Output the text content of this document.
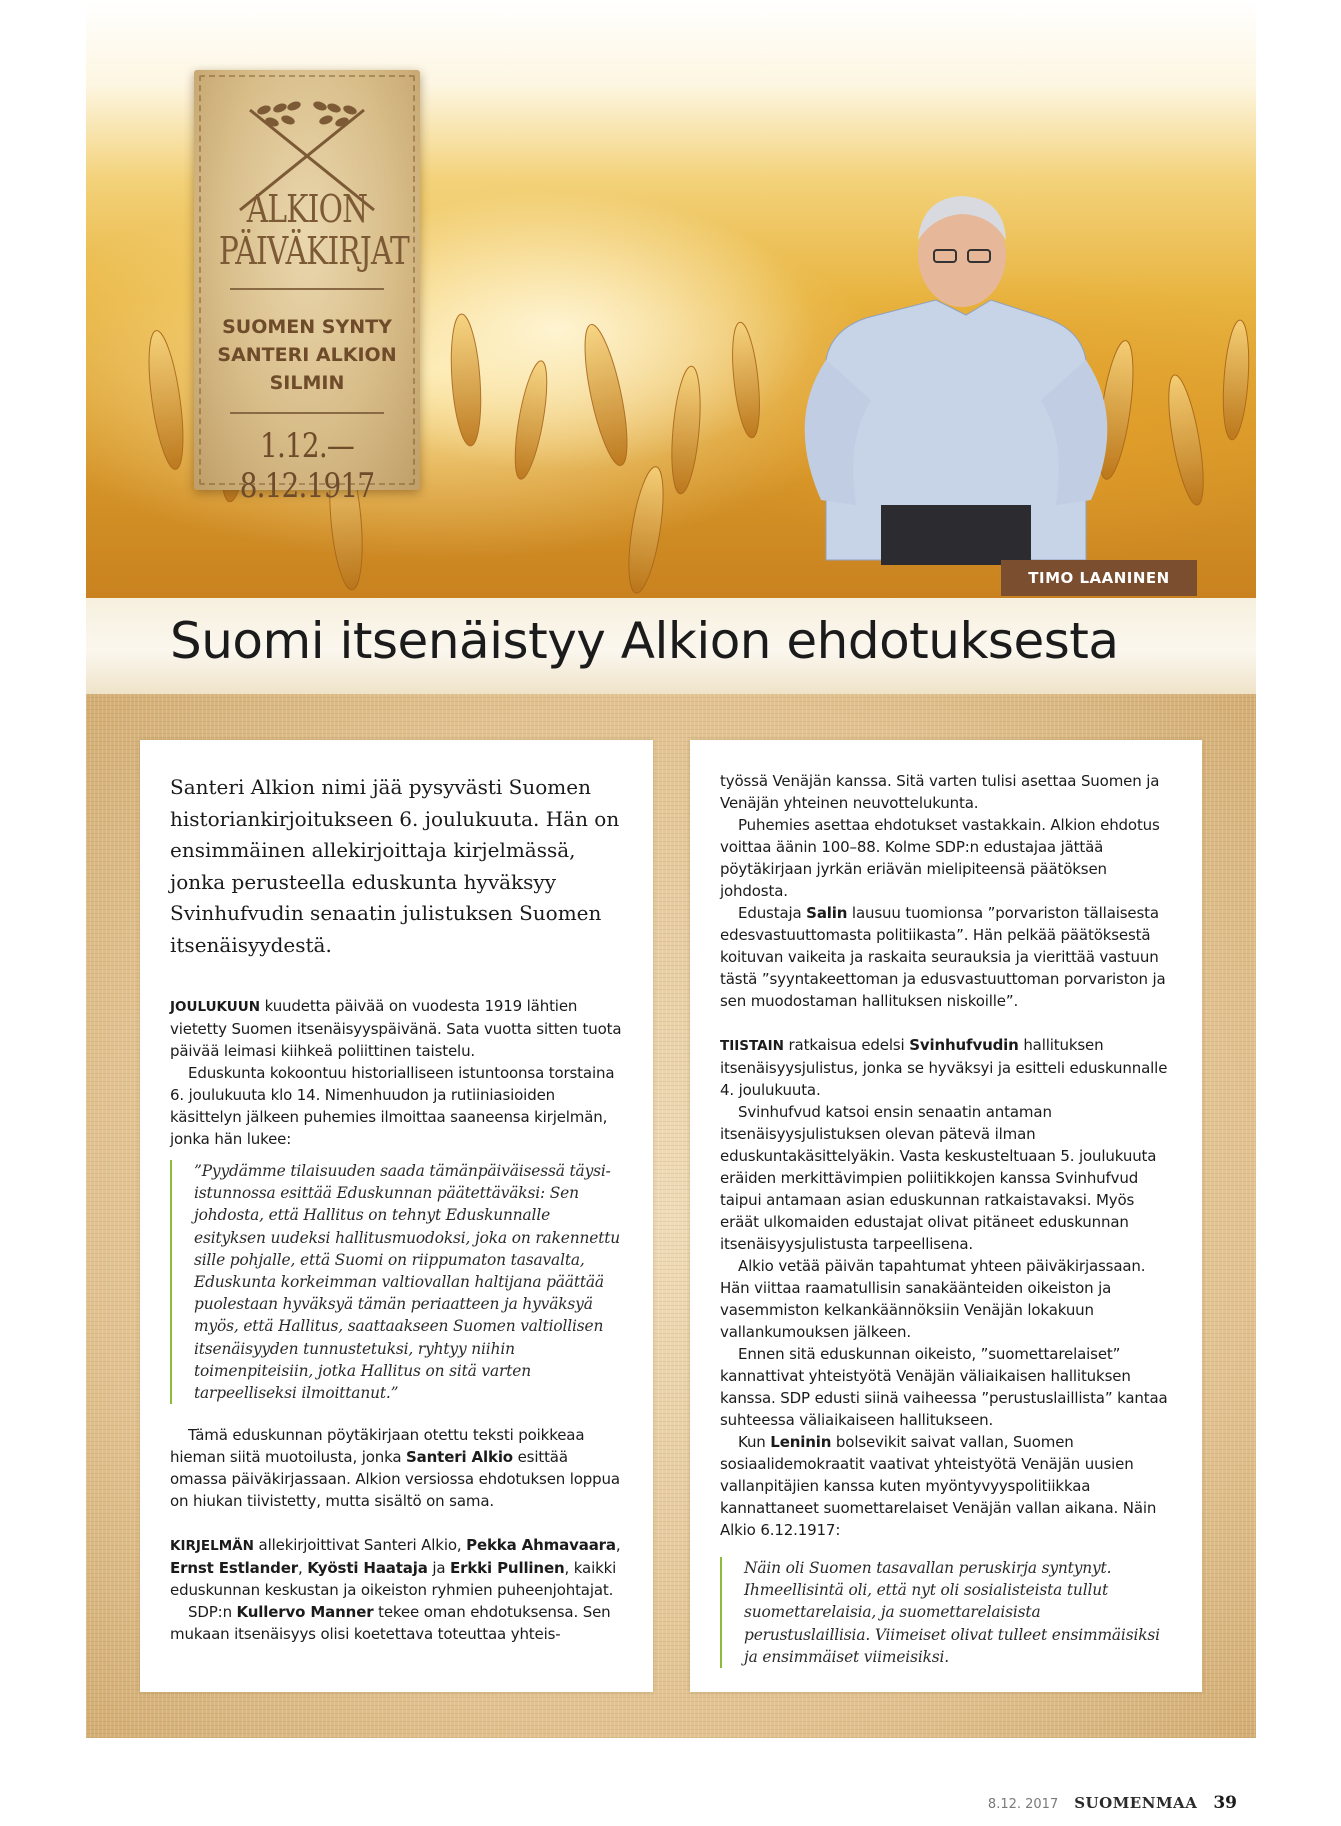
ALKION
PÄIVÄKIRJAT
SUOMEN SYNTY
SANTERI ALKION
SILMIN
1.12.—8.12.1917
TIMO LAANINEN
Suomi itsenäistyy Alkion ehdotuksesta

Santeri Alkion nimi jää pysyvästi Suomen historiankirjoitukseen 6. joulukuuta. Hän on ensimmäinen allekirjoittaja kirjelmässä, jonka perusteella eduskunta hyväksyy Svinhufvudin senaatin julistuksen Suomen itsenäisyydestä.

JOULUKUUN kuudetta päivää on vuodesta 1919 lähtien vietetty Suomen itsenäisyyspäivänä. Sata vuotta sitten tuota päivää leimasi kiihkeä poliittinen taistelu.

Eduskunta kokoontuu historialliseen istuntoonsa torstaina 6. joulukuuta klo 14. Nimenhuudon ja rutiiniasioiden käsittelyn jälkeen puhemies ilmoittaa saaneensa kirjelmän, jonka hän lukee:

”Pyydämme tilaisuuden saada tämänpäiväisessä täysi-istunnossa esittää Eduskunnan päätettäväksi: Sen johdosta, että Hallitus on tehnyt Eduskunnalle esityksen uudeksi hallitusmuodoksi, joka on rakennettu sille pohjalle, että Suomi on riippumaton tasavalta, Eduskunta korkeimman valtiovallan haltijana päättää puolestaan hyväksyä tämän periaatteen ja hyväksyä myös, että Hallitus, saattaakseen Suomen valtiollisen itsenäisyyden tunnustetuksi, ryhtyy niihin toimenpiteisiin, jotka Hallitus on sitä varten tarpeelliseksi ilmoittanut.”

Tämä eduskunnan pöytäkirjaan otettu teksti poikkeaa hieman siitä muotoilusta, jonka Santeri Alkio esittää omassa päiväkirjassaan. Alkion versiossa ehdotuksen loppua on hiukan tiivistetty, mutta sisältö on sama.

KIRJELMÄN allekirjoittivat Santeri Alkio, Pekka Ahmavaara, Ernst Estlander, Kyösti Haataja ja Erkki Pullinen, kaikki eduskunnan keskustan ja oikeiston ryhmien puheenjohtajat.

SDP:n Kullervo Manner tekee oman ehdotuksensa. Sen mukaan itsenäisyys olisi koetettava toteuttaa yhteis-

työssä Venäjän kanssa. Sitä varten tulisi asettaa Suomen ja Venäjän yhteinen neuvottelukunta.

Puhemies asettaa ehdotukset vastakkain. Alkion ehdotus voittaa äänin 100–88. Kolme SDP:n edustajaa jättää pöytäkirjaan jyrkän eriävän mielipiteensä päätöksen johdosta.

Edustaja Salin lausuu tuomionsa ”porvariston tällaisesta edesvastuuttomasta politiikasta”. Hän pelkää päätöksestä koituvan vaikeita ja raskaita seurauksia ja vierittää vastuun tästä ”syyntakeettoman ja edusvastuuttoman porvariston ja sen muodostaman hallituksen niskoille”.

TIISTAIN ratkaisua edelsi Svinhufvudin hallituksen itsenäisyysjulistus, jonka se hyväksyi ja esitteli eduskunnalle 4. joulukuuta.

Svinhufvud katsoi ensin senaatin antaman itsenäisyysjulistuksen olevan pätevä ilman eduskuntakäsittelyäkin. Vasta keskusteltuaan 5. joulukuuta eräiden merkittävimpien poliitikkojen kanssa Svinhufvud taipui antamaan asian eduskunnan ratkaistavaksi. Myös eräät ulkomaiden edustajat olivat pitäneet eduskunnan itsenäisyysjulistusta tarpeellisena.

Alkio vetää päivän tapahtumat yhteen päiväkirjassaan. Hän viittaa raamatullisin sanakäänteiden oikeiston ja vasemmiston kelkankäännöksiin Venäjän lokakuun vallankumouksen jälkeen.

Ennen sitä eduskunnan oikeisto, ”suomettarelaiset” kannattivat yhteistyötä Venäjän väliaikaisen hallituksen kanssa. SDP edusti siinä vaiheessa ”perustuslaillista” kantaa suhteessa väliaikaiseen hallitukseen.

Kun Leninin bolsevikit saivat vallan, Suomen sosiaalidemokraatit vaativat yhteistyötä Venäjän uusien vallanpitäjien kanssa kuten myöntyvyyspolitiikkaa kannattaneet suomettarelaiset Venäjän vallan aikana. Näin Alkio 6.12.1917:

Näin oli Suomen tasavallan peruskirja syntynyt. Ihmeellisintä oli, että nyt oli sosialisteista tullut suomettarelaisia, ja suomettarelaisista perustuslaillisia. Viimeiset olivat tulleet ensimmäisiksi ja ensimmäiset viimeisiksi.
8.12. 2017 SUOMENMAA 39
